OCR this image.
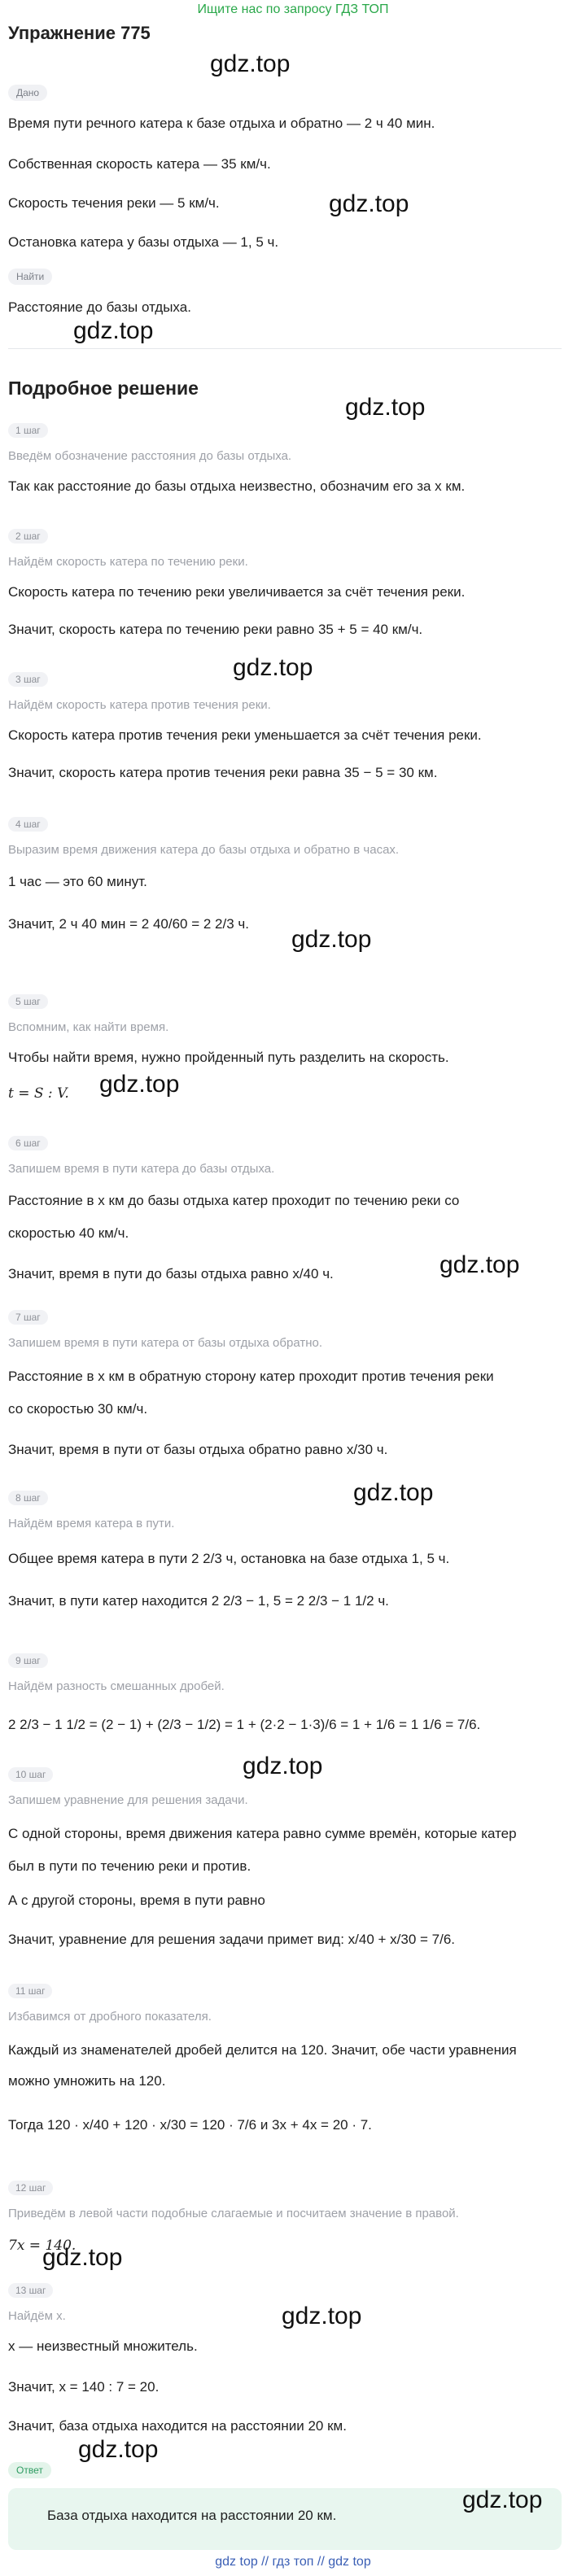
Ищите нас по запросу ГДЗ ТОП
Упражнение 775
Дано
Время пути речного катера к базе отдыха и обратно — 2 ч 40 мин.
Собственная скорость катера — 35 км/ч.
Скорость течения реки — 5 км/ч.
Остановка катера у базы отдыха — 1, 5 ч.
Найти
Расстояние до базы отдыха.
Подробное решение
1 шаг
Введём обозначение расстояния до базы отдыха.
Так как расстояние до базы отдыха неизвестно, обозначим его за x км.
2 шаг
Найдём скорость катера по течению реки.
Скорость катера по течению реки увеличивается за счёт течения реки.
Значит, скорость катера по течению реки равно 35 + 5 = 40 км/ч.
3 шаг
Найдём скорость катера против течения реки.
Скорость катера против течения реки уменьшается за счёт течения реки.
Значит, скорость катера против течения реки равна 35 − 5 = 30 км.
4 шаг
Выразим время движения катера до базы отдыха и обратно в часах.
1 час — это 60 минут.
Значит, 2 ч 40 мин = 2 40/60 = 2 2/3 ч.
5 шаг
Вспомним, как найти время.
Чтобы найти время, нужно пройденный путь разделить на скорость.
t = S : V.
6 шаг
Запишем время в пути катера до базы отдыха.
Расстояние в x км до базы отдыха катер проходит по течению реки со
скоростью 40 км/ч.
Значит, время в пути до базы отдыха равно x/40 ч.
7 шаг
Запишем время в пути катера от базы отдыха обратно.
Расстояние в x км в обратную сторону катер проходит против течения реки
со скоростью 30 км/ч.
Значит, время в пути от базы отдыха обратно равно x/30 ч.
8 шаг
Найдём время катера в пути.
Общее время катера в пути 2 2/3 ч, остановка на базе отдыха 1, 5 ч.
Значит, в пути катер находится 2 2/3 − 1, 5 = 2 2/3 − 1 1/2 ч.
9 шаг
Найдём разность смешанных дробей.
2 2/3 − 1 1/2 = (2 − 1) + (2/3 − 1/2) = 1 + (2·2 − 1·3)/6 = 1 + 1/6 = 1 1/6 = 7/6.
10 шаг
Запишем уравнение для решения задачи.
С одной стороны, время движения катера равно сумме времён, которые катер
был в пути по течению реки и против.
А с другой стороны, время в пути равно
Значит, уравнение для решения задачи примет вид: x/40 + x/30 = 7/6.
11 шаг
Избавимся от дробного показателя.
Каждый из знаменателей дробей делится на 120. Значит, обе части уравнения
можно умножить на 120.
Тогда 120 · x/40 + 120 · x/30 = 120 · 7/6 и 3x + 4x = 20 · 7.
12 шаг
Приведём в левой части подобные слагаемые и посчитаем значение в правой.
7x = 140.
13 шаг
Найдём x.
x — неизвестный множитель.
Значит, x = 140 : 7 = 20.
Значит, база отдыха находится на расстоянии 20 км.
Ответ
База отдыха находится на расстоянии 20 км.
gdz.top
gdz.top
gdz.top
gdz.top
gdz.top
gdz.top
gdz.top
gdz.top
gdz.top
gdz.top
gdz.top
gdz.top
gdz.top
gdz.top
gdz top // гдз топ // gdz top
